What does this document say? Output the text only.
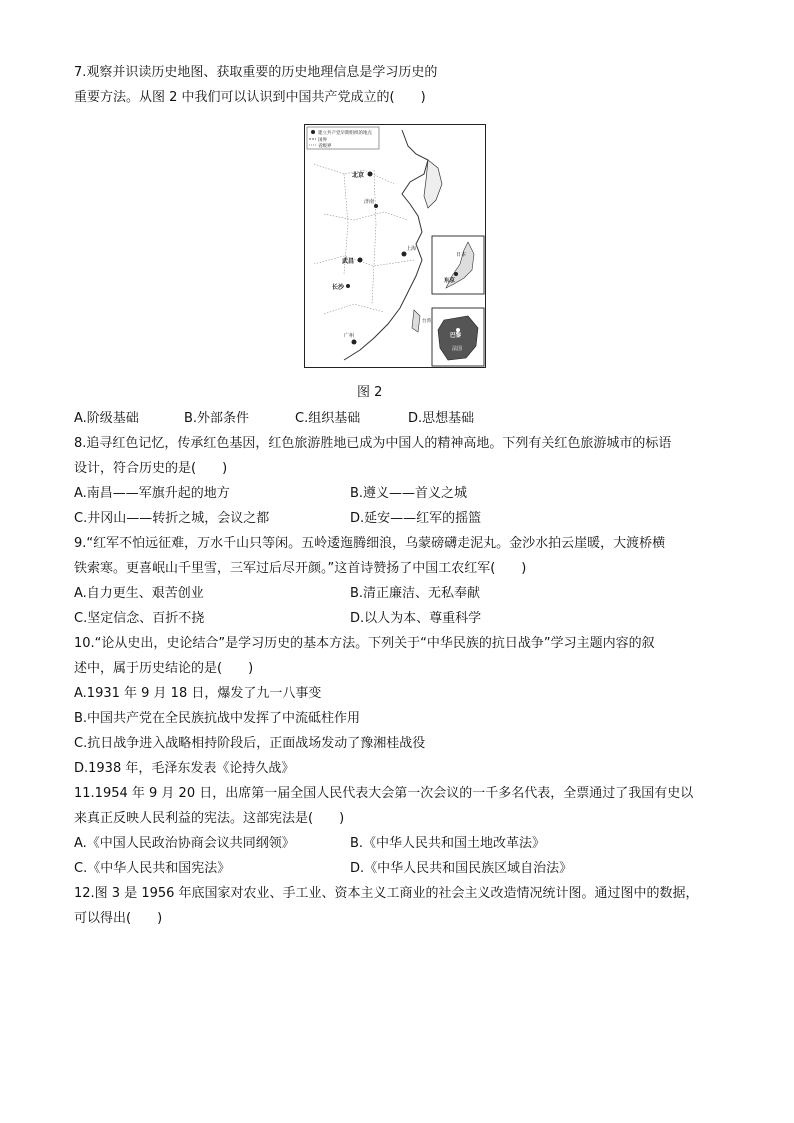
7.观察并识读历史地图、获取重要的历史地理信息是学习历史的
重要方法。从图 2 中我们可以认识到中国共产党成立的(　　)
建立共产党早期组织的地点
国界
省级界
北京
济南
武昌
上海
长沙
广州
台湾
日本
东京
巴黎
法国
图 2
A.阶级基础	B.外部条件	C.组织基础	D.思想基础
8.追寻红色记忆，传承红色基因，红色旅游胜地已成为中国人的精神高地。下列有关红色旅游城市的标语
设计，符合历史的是(　　)
A.南昌——军旗升起的地方	B.遵义——首义之城
C.井冈山——转折之城，会议之都	D.延安——红军的摇篮
9.“红军不怕远征难，万水千山只等闲。五岭逶迤腾细浪，乌蒙磅礴走泥丸。金沙水拍云崖暖，大渡桥横
铁索寒。更喜岷山千里雪，三军过后尽开颜。”这首诗赞扬了中国工农红军(　　)
A.自力更生、艰苦创业	B.清正廉洁、无私奉献
C.坚定信念、百折不挠	D.以人为本、尊重科学
10.“论从史出，史论结合”是学习历史的基本方法。下列关于“中华民族的抗日战争”学习主题内容的叙
述中，属于历史结论的是(　　)
A.1931 年 9 月 18 日，爆发了九一八事变
B.中国共产党在全民族抗战中发挥了中流砥柱作用
C.抗日战争进入战略相持阶段后，正面战场发动了豫湘桂战役
D.1938 年，毛泽东发表《论持久战》
11.1954 年 9 月 20 日，出席第一届全国人民代表大会第一次会议的一千多名代表，全票通过了我国有史以
来真正反映人民利益的宪法。这部宪法是(　　)
A.《中国人民政治协商会议共同纲领》	B.《中华人民共和国土地改革法》
C.《中华人民共和国宪法》	D.《中华人民共和国民族区域自治法》
12.图 3 是 1956 年底国家对农业、手工业、资本主义工商业的社会主义改造情况统计图。通过图中的数据，
可以得出(　　)
